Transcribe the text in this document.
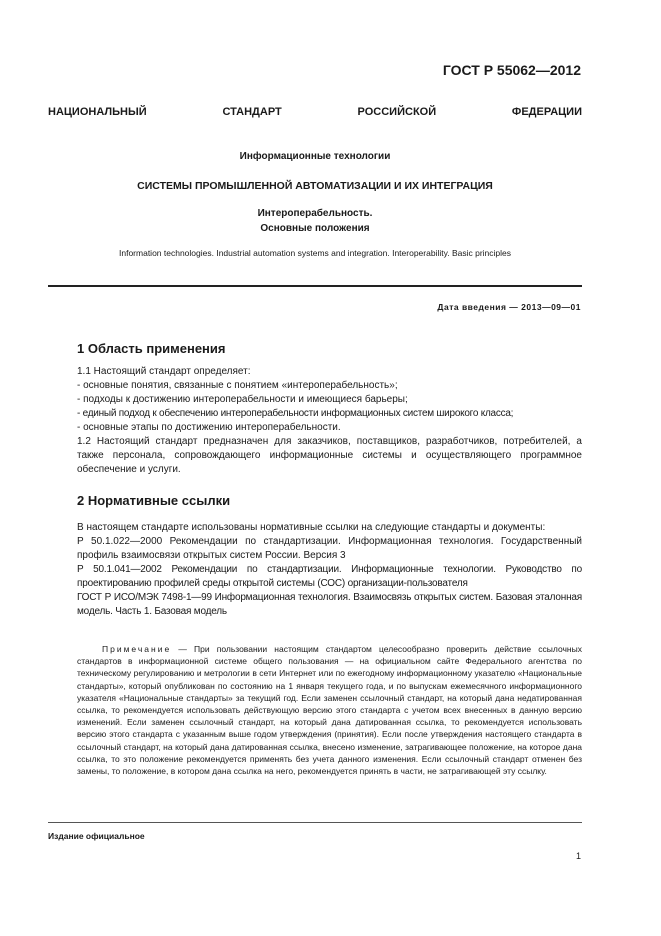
ГОСТ Р 55062—2012
НАЦИОНАЛЬНЫЙ СТАНДАРТ РОССИЙСКОЙ ФЕДЕРАЦИИ
Информационные технологии
СИСТЕМЫ ПРОМЫШЛЕННОЙ АВТОМАТИЗАЦИИ И ИХ ИНТЕГРАЦИЯ
Интероперабельность.
Основные положения
Information technologies. Industrial automation systems and integration. Interoperability. Basic principles
Дата введения — 2013—09—01
1 Область применения

1.1 Настоящий стандарт определяет:

- основные понятия, связанные с понятием «интероперабельность»;

- подходы к достижению интероперабельности и имеющиеся барьеры;

- единый подход к обеспечению интероперабельности информационных систем широкого класса;

- основные этапы по достижению интероперабельности.

1.2 Настоящий стандарт предназначен для заказчиков, поставщиков, разработчиков, потребителей, а также персонала, сопровождающего информационные системы и осуществляющего программное обеспечение и услуги.

2 Нормативные ссылки

В настоящем стандарте использованы нормативные ссылки на следующие стандарты и документы:

Р 50.1.022—2000 Рекомендации по стандартизации. Информационная технология. Государственный профиль взаимосвязи открытых систем России. Версия 3

Р 50.1.041—2002 Рекомендации по стандартизации. Информационные технологии. Руководство по проектированию профилей среды открытой системы (СОС) организации-пользователя

ГОСТ Р ИСО/МЭК 7498-1—99 Информационная технология. Взаимосвязь открытых систем. Базовая эталонная модель. Часть 1. Базовая модель

Примечание — При пользовании настоящим стандартом целесообразно проверить действие ссылочных стандартов в информационной системе общего пользования — на официальном сайте Федерального агентства по техническому регулированию и метрологии в сети Интернет или по ежегодному информационному указателю «Национальные стандарты», который опубликован по состоянию на 1 января текущего года, и по выпускам ежемесячного информационного указателя «Национальные стандарты» за текущий год. Если заменен ссылочный стандарт, на который дана недатированная ссылка, то рекомендуется использовать действующую версию этого стандарта с учетом всех внесенных в данную версию изменений. Если заменен ссылочный стандарт, на который дана датированная ссылка, то рекомендуется использовать версию этого стандарта с указанным выше годом утверждения (принятия). Если после утверждения настоящего стандарта в ссылочный стандарт, на который дана датированная ссылка, внесено изменение, затрагивающее положение, на которое дана ссылка, то это положение рекомендуется применять без учета данного изменения. Если ссылочный стандарт отменен без замены, то положение, в котором дана ссылка на него, рекомендуется принять в части, не затрагивающей эту ссылку.
Издание официальное
1
